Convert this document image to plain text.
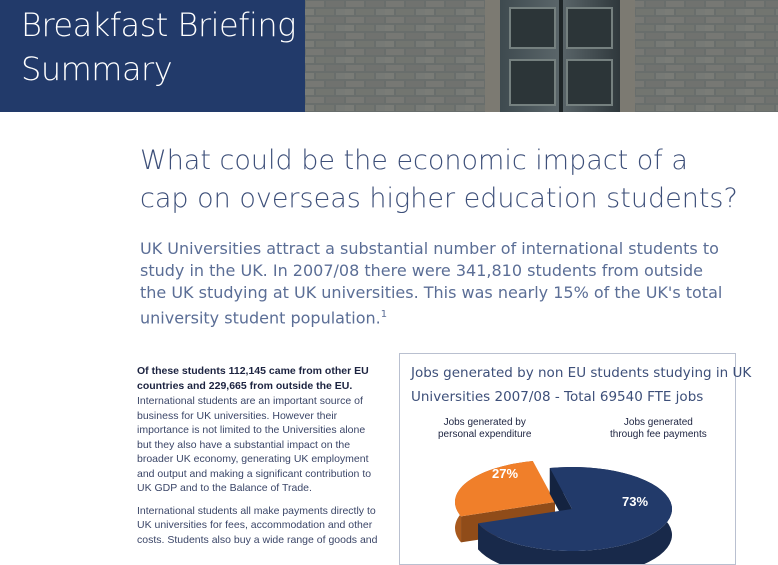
Breakfast Briefing
Summary
What could be the economic impact of a cap on overseas higher education students?
UK Universities attract a substantial number of international students to
study in the UK. In 2007/08 there were 341,810 students from outside
the UK studying at UK universities. This was nearly 15% of the UK's total
university student population.$^1$

Of these students 112,145 came from other EU
countries and 229,665 from outside the EU.

International students are an important source of
business for UK universities. However their
importance is not limited to the Universities alone
but they also have a substantial impact on the
broader UK economy, generating UK employment
and output and making a significant contribution to
UK GDP and to the Balance of Trade.

International students all make payments directly to
UK universities for fees, accommodation and other
costs. Students also buy a wide range of goods and

Jobs generated by non EU students studying in UK
Universities 2007/08 - Total 69540 FTE jobs
Jobs generated by
personal expenditure
Jobs generated
through fee payments
27%
73%
